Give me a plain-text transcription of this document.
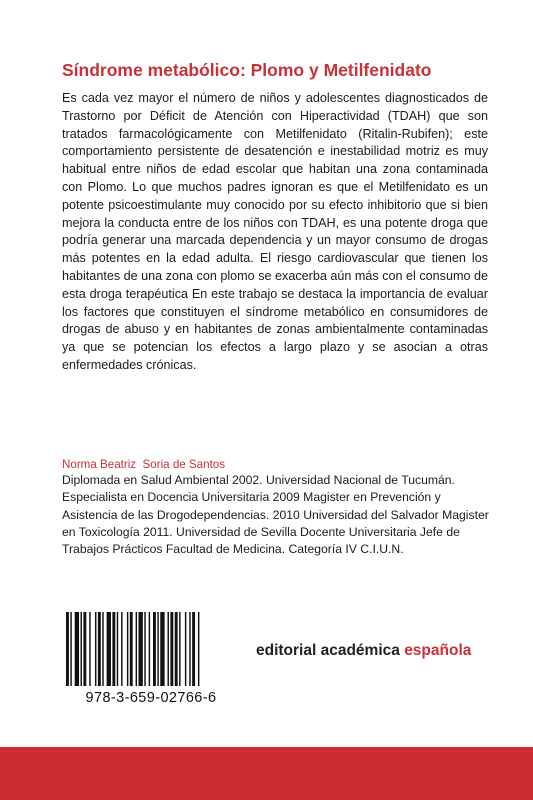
Síndrome metabólico: Plomo y Metilfenidato

Es cada vez mayor el número de niños y adolescentes diagnosticados de Trastorno por Déficit de Atención con Hiperactividad (TDAH) que son tratados farmacológicamente con Metilfenidato (Ritalin-Rubifen); este comportamiento persistente de desatención e inestabilidad motriz es muy habitual entre niños de edad escolar que habitan una zona contaminada con Plomo. Lo que muchos padres ignoran es que el Metilfenidato es un potente psicoestimulante muy conocido por su efecto inhibitorio que si bien mejora la conducta entre de los niños con TDAH, es una potente droga que podría generar una marcada dependencia y un mayor consumo de drogas más potentes en la edad adulta. El riesgo cardiovascular que tienen los habitantes de una zona con plomo se exacerba aún más con el consumo de esta droga terapéutica En este trabajo se destaca la importancia de evaluar los factores que constituyen el síndrome metabólico en consumidores de drogas de abuso y en habitantes de zonas ambientalmente contaminadas ya que se potencian los efectos a largo plazo y se asocian a otras enfermedades crónicas.

Norma Beatriz  Soria de Santos

Diplomada en Salud Ambiental 2002. Universidad Nacional de Tucumán. Especialista en Docencia Universitaria 2009 Magister en Prevención y Asistencia de las Drogodependencias. 2010 Universidad del Salvador Magister en Toxicología 2011. Universidad de Sevilla Docente Universitaria Jefe de Trabajos Prácticos Facultad de Medicina. Categoría IV C.I.U.N.

978-3-659-02766-6
editorial académica española
